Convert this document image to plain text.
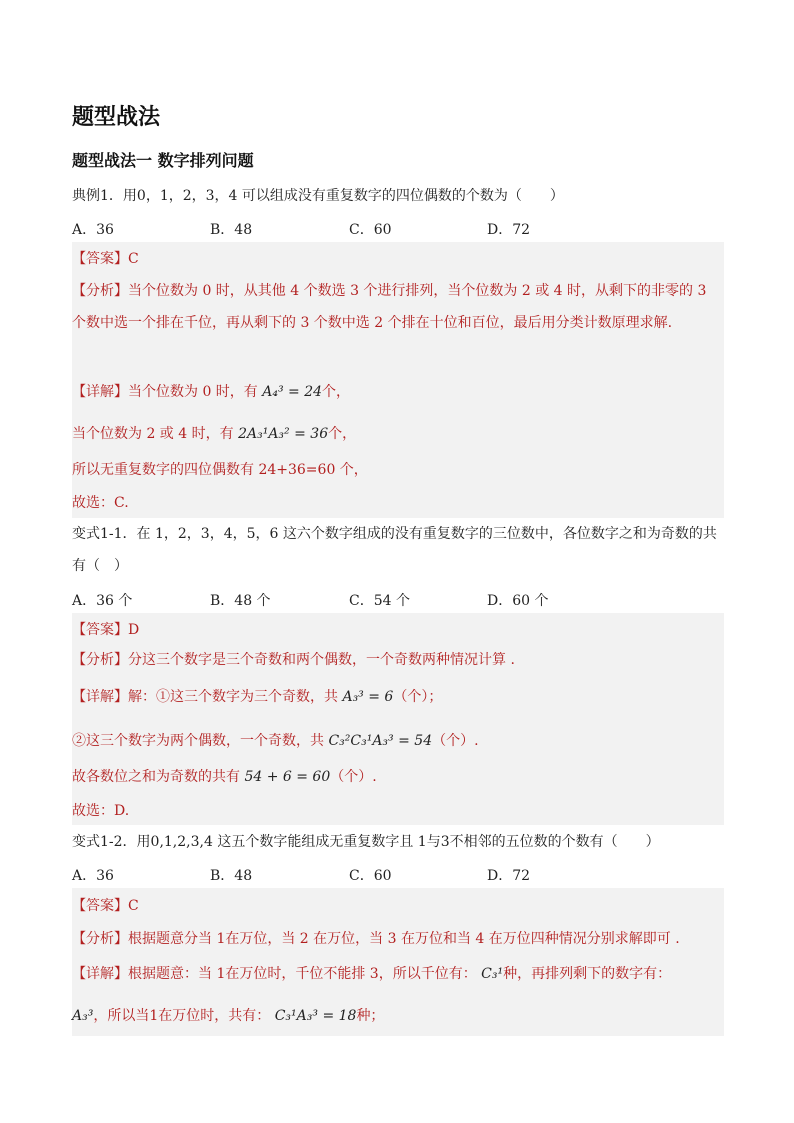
题型战法
题型战法一 数字排列问题
典例1．用0，1，2，3，4 可以组成没有重复数字的四位偶数的个数为（　　）
A．36	B．48	C．60	D．72
【答案】C
【分析】当个位数为 0 时，从其他 4 个数选 3 个进行排列，当个位数为 2 或 4 时，从剩下的非零的 3 个数中选一个排在千位，再从剩下的 3 个数中选 2 个排在十位和百位，最后用分类计数原理求解.
【详解】当个位数为 0 时，有 A₄³ = 24个，
当个位数为 2 或 4 时，有 2A₃¹A₃² = 36个，
所以无重复数字的四位偶数有 24+36=60 个，
故选：C.
变式1-1．在 1，2，3，4，5，6 这六个数字组成的没有重复数字的三位数中，各位数字之和为奇数的共有（　）
A．36 个	B．48 个	C．54 个	D．60 个
【答案】D
【分析】分这三个数字是三个奇数和两个偶数，一个奇数两种情况计算 .
【详解】解：①这三个数字为三个奇数，共 A₃³ = 6（个）；
②这三个数字为两个偶数，一个奇数，共 C₃²C₃¹A₃³ = 54（个）.
故各数位之和为奇数的共有 54 + 6 = 60（个）.
故选：D.
变式1-2．用0,1,2,3,4 这五个数字能组成无重复数字且 1与3不相邻的五位数的个数有（　　）
A．36	B．48	C．60	D．72
【答案】C
【分析】根据题意分当 1在万位，当 2 在万位，当 3 在万位和当 4 在万位四种情况分别求解即可 .
【详解】根据题意：当 1在万位时，千位不能排 3，所以千位有： C₃¹种，再排列剩下的数字有：
A₃³，所以当1在万位时，共有： C₃¹A₃³ = 18种；
